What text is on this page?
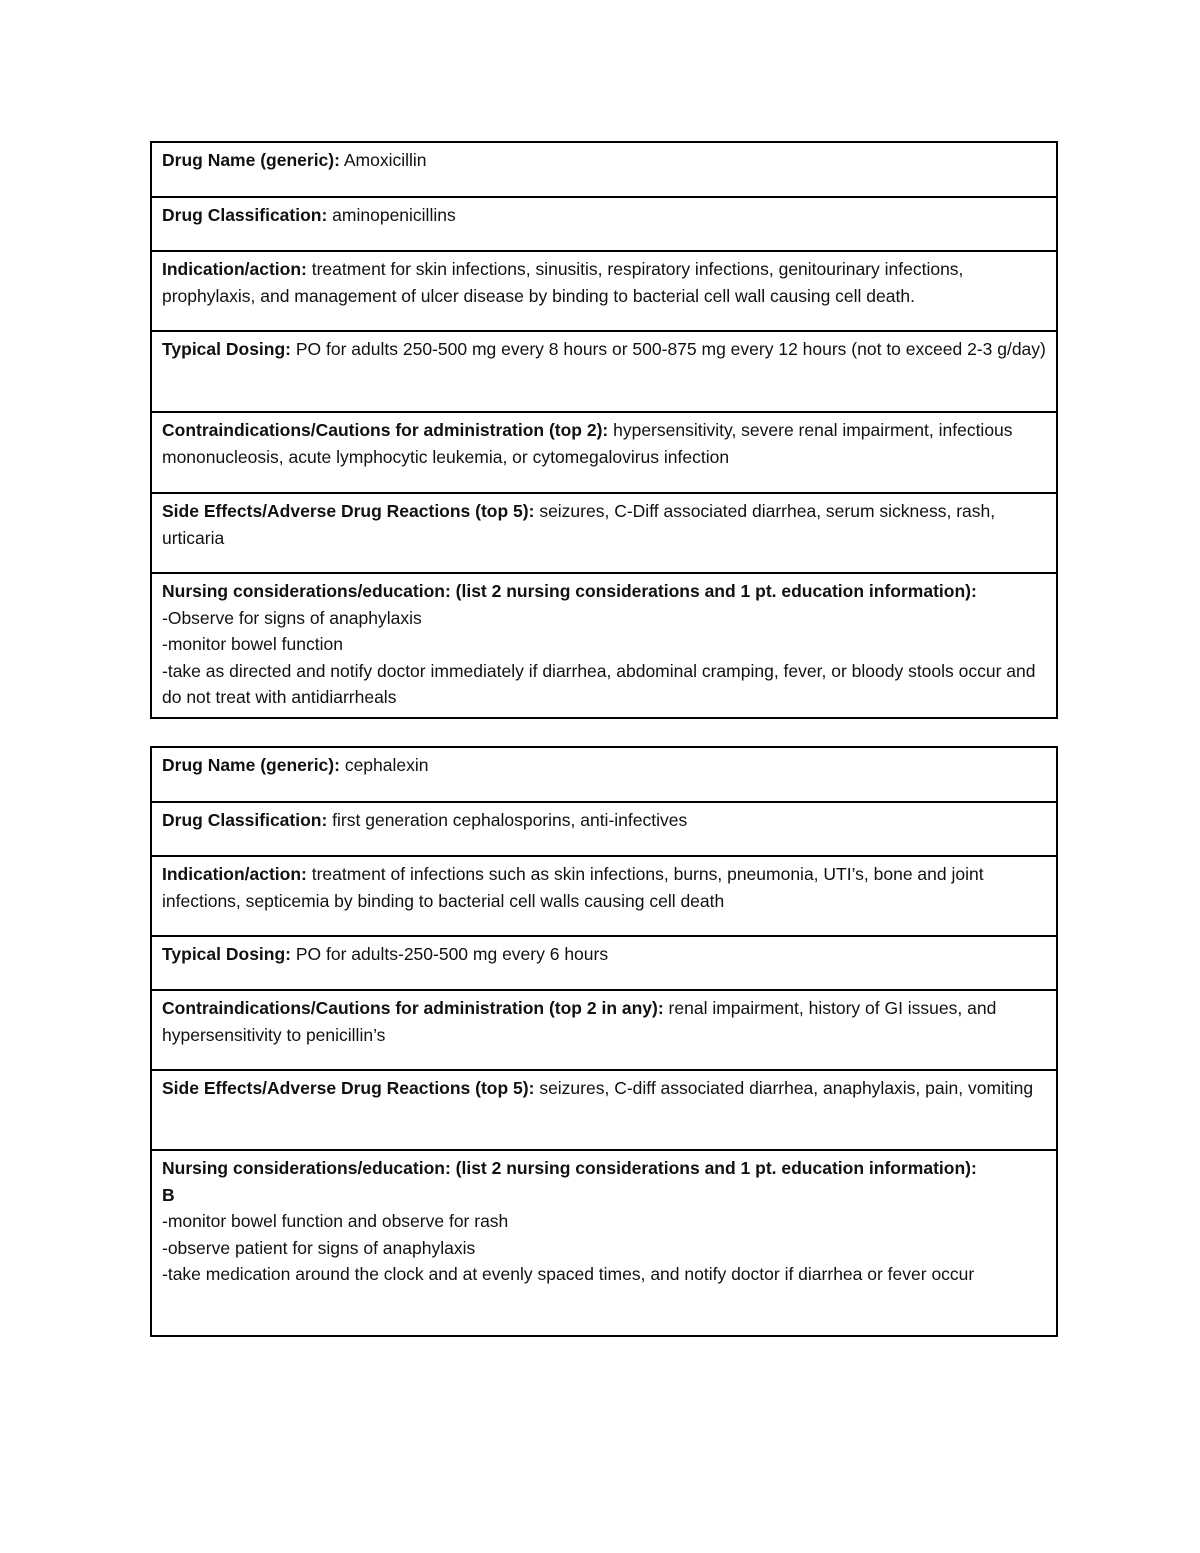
Drug Name (generic): Amoxicillin
Drug Classification: aminopenicillins
Indication/action: treatment for skin infections, sinusitis, respiratory infections, genitourinary infections, prophylaxis, and management of ulcer disease by binding to bacterial cell wall causing cell death.
Typical Dosing: PO for adults 250-500 mg every 8 hours or 500-875 mg every 12 hours (not to exceed 2-3 g/day)
Contraindications/Cautions for administration (top 2): hypersensitivity, severe renal impairment, infectious mononucleosis, acute lymphocytic leukemia, or cytomegalovirus infection
Side Effects/Adverse Drug Reactions (top 5): seizures, C-Diff associated diarrhea, serum sickness, rash, urticaria

Nursing considerations/education: (list 2 nursing considerations and 1 pt. education information):
-Observe for signs of anaphylaxis
-monitor bowel function
-take as directed and notify doctor immediately if diarrhea, abdominal cramping, fever, or bloody stools occur and do not treat with antidiarrheals
Drug Name (generic): cephalexin
Drug Classification: first generation cephalosporins, anti-infectives
Indication/action: treatment of infections such as skin infections, burns, pneumonia, UTI’s, bone and joint infections, septicemia by binding to bacterial cell walls causing cell death
Typical Dosing: PO for adults-250-500 mg every 6 hours
Contraindications/Cautions for administration (top 2 in any): renal impairment, history of GI issues, and hypersensitivity to penicillin’s
Side Effects/Adverse Drug Reactions (top 5): seizures, C-diff associated diarrhea, anaphylaxis, pain, vomiting

Nursing considerations/education: (list 2 nursing considerations and 1 pt. education information):
B
-monitor bowel function and observe for rash
-observe patient for signs of anaphylaxis
-take medication around the clock and at evenly spaced times, and notify doctor if diarrhea or fever occur
